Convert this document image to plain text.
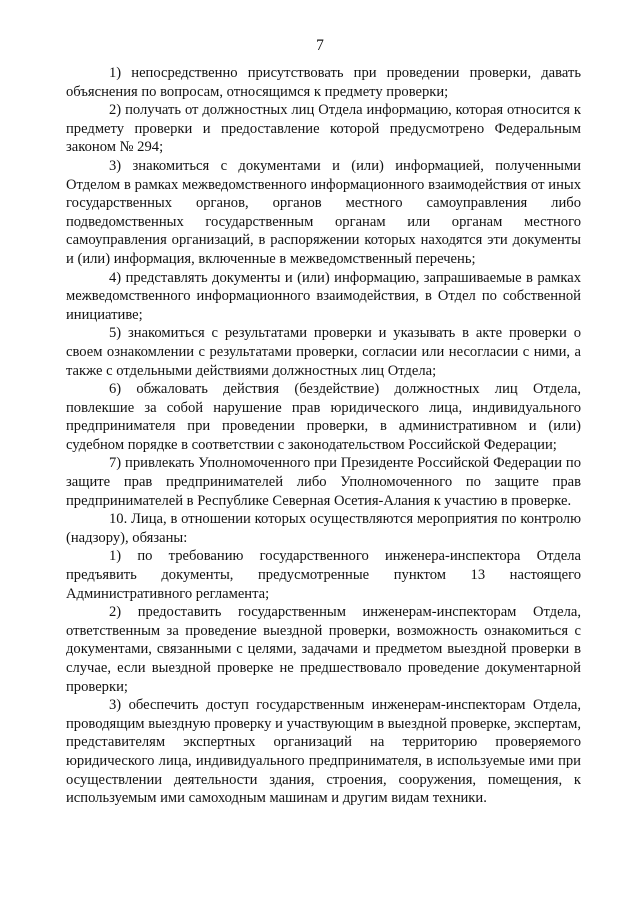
7

1) непосредственно присутствовать при проведении проверки, давать объяснения по вопросам, относящимся к предмету проверки;

2) получать от должностных лиц Отдела информацию, которая относится к предмету проверки и предоставление которой предусмотрено Федеральным законом № 294;

3) знакомиться с документами и (или) информацией, полученными Отделом в рамках межведомственного информационного взаимодействия от иных государственных органов, органов местного самоуправления либо подведомственных государственным органам или органам местного самоуправления организаций, в распоряжении которых находятся эти документы и (или) информация, включенные в межведомственный перечень;

4) представлять документы и (или) информацию, запрашиваемые в рамках межведомственного информационного взаимодействия, в Отдел по собственной инициативе;

5) знакомиться с результатами проверки и указывать в акте проверки о своем ознакомлении с результатами проверки, согласии или несогласии с ними, а также с отдельными действиями должностных лиц Отдела;

6) обжаловать действия (бездействие) должностных лиц Отдела, повлекшие за собой нарушение прав юридического лица, индивидуального предпринимателя при проведении проверки, в административном и (или) судебном порядке в соответствии с законодательством Российской Федерации;

7) привлекать Уполномоченного при Президенте Российской Федерации по защите прав предпринимателей либо Уполномоченного по защите прав предпринимателей в Республике Северная Осетия-Алания к участию в проверке.

10. Лица, в отношении которых осуществляются мероприятия по контролю (надзору), обязаны:

1) по требованию государственного инженера-инспектора Отдела предъявить документы, предусмотренные пунктом 13 настоящего Административного регламента;

2) предоставить государственным инженерам-инспекторам Отдела, ответственным за проведение выездной проверки, возможность ознакомиться с документами, связанными с целями, задачами и предметом выездной проверки в случае, если выездной проверке не предшествовало проведение документарной проверки;

3) обеспечить доступ государственным инженерам-инспекторам Отдела, проводящим выездную проверку и участвующим в выездной проверке, экспертам, представителям экспертных организаций на территорию проверяемого юридического лица, индивидуального предпринимателя, в используемые ими при осуществлении деятельности здания, строения, сооружения, помещения, к используемым ими самоходным машинам и другим видам техники.
